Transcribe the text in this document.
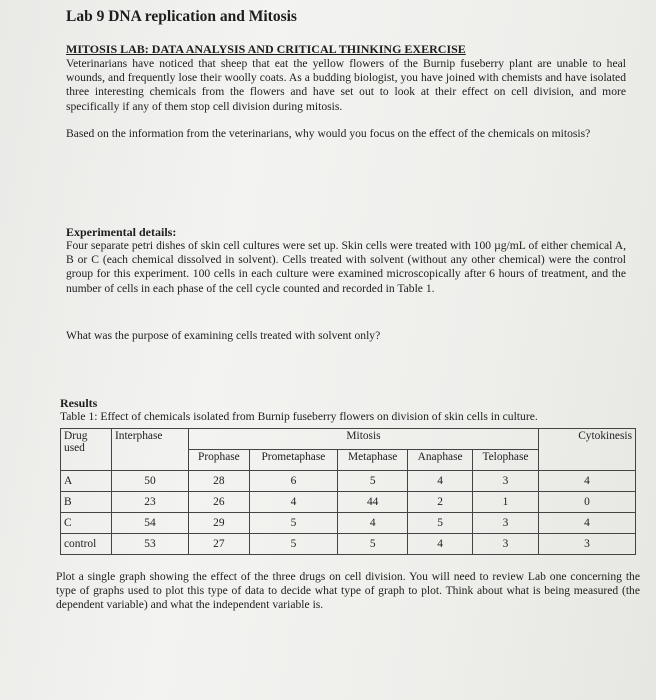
Lab 9 DNA replication and Mitosis
MITOSIS LAB: DATA ANALYSIS AND CRITICAL THINKING EXERCISE
Veterinarians have noticed that sheep that eat the yellow flowers of the Burnip fuseberry plant are unable to heal wounds, and frequently lose their woolly coats. As a budding biologist, you have joined with chemists and have isolated three interesting chemicals from the flowers and have set out to look at their effect on cell division, and more specifically if any of them stop cell division during mitosis.
Based on the information from the veterinarians, why would you focus on the effect of the chemicals on mitosis?
Experimental details:
Four separate petri dishes of skin cell cultures were set up. Skin cells were treated with 100 µg/mL of either chemical A, B or C (each chemical dissolved in solvent). Cells treated with solvent (without any other chemical) were the control group for this experiment. 100 cells in each culture were examined microscopically after 6 hours of treatment, and the number of cells in each phase of the cell cycle counted and recorded in Table 1.
What was the purpose of examining cells treated with solvent only?
Results
Table 1: Effect of chemicals isolated from Burnip fuseberry flowers on division of skin cells in culture.
Drug used	Interphase	Mitosis					Cytokinesis
		Prophase	Prometaphase	Metaphase	Anaphase	Telophase	
A	50	28	6	5	4	3	4
B	23	26	4	44	2	1	0
C	54	29	5	4	5	3	4
control	53	27	5	5	4	3	3
Plot a single graph showing the effect of the three drugs on cell division. You will need to review Lab one concerning the type of graphs used to plot this type of data to decide what type of graph to plot. Think about what is being measured (the dependent variable) and what the independent variable is.
